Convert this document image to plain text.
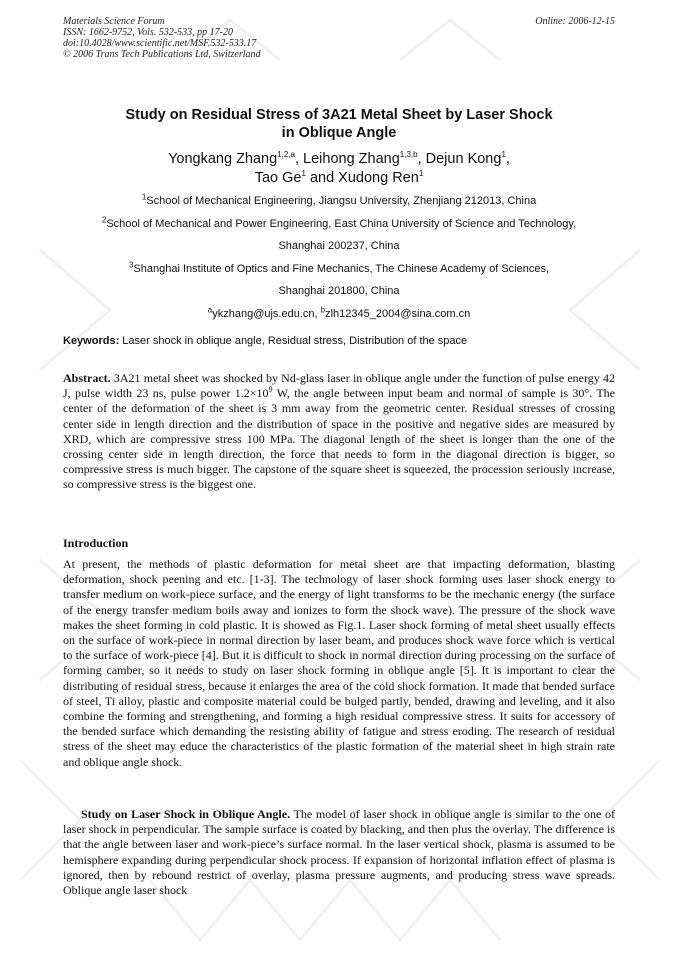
Materials Science Forum
ISSN: 1662-9752, Vols. 532-533, pp 17-20
doi:10.4028/www.scientific.net/MSF.532-533.17
© 2006 Trans Tech Publications Ltd, Switzerland
Online: 2006-12-15
Study on Residual Stress of 3A21 Metal Sheet by Laser Shock
in Oblique Angle
Yongkang Zhang$^{1,2,a}$, Leihong Zhang$^{1,3,b}$, Dejun Kong$^1$,
Tao Ge$^1$ and Xudong Ren$^1$
$^1$School of Mechanical Engineering, Jiangsu University, Zhenjiang 212013, China
$^2$School of Mechanical and Power Engineering, East China University of Science and Technology,
Shanghai 200237, China
$^3$Shanghai Institute of Optics and Fine Mechanics, The Chinese Academy of Sciences,
Shanghai 201800, China
$^a$ykzhang@ujs.edu.cn, $^b$zlh12345_2004@sina.com.cn
Keywords: Laser shock in oblique angle, Residual stress, Distribution of the space
Abstract. 3A21 metal sheet was shocked by Nd-glass laser in oblique angle under the function of pulse energy 42 J, pulse width 23 ns, pulse power $1.2\times 10^9$ W, the angle between input beam and normal of sample is 30°. The center of the deformation of the sheet is 3 mm away from the geometric center. Residual stresses of crossing center side in length direction and the distribution of space in the positive and negative sides are measured by XRD, which are compressive stress 100 MPa. The diagonal length of the sheet is longer than the one of the crossing center side in length direction, the force that needs to form in the diagonal direction is bigger, so compressive stress is much bigger. The capstone of the square sheet is squeezed, the procession seriously increase, so compressive stress is the biggest one.
Introduction
At present, the methods of plastic deformation for metal sheet are that impacting deformation, blasting deformation, shock peening and etc. [1-3]. The technology of laser shock forming uses laser shock energy to transfer medium on work-piece surface, and the energy of light transforms to be the mechanic energy (the surface of the energy transfer medium boils away and ionizes to form the shock wave). The pressure of the shock wave makes the sheet forming in cold plastic. It is showed as Fig.1. Laser shock forming of metal sheet usually effects on the surface of work-piece in normal direction by laser beam, and produces shock wave force which is vertical to the surface of work-piece [4]. But it is difficult to shock in normal direction during processing on the surface of forming camber, so it needs to study on laser shock forming in oblique angle [5]. It is important to clear the distributing of residual stress, because it enlarges the area of the cold shock formation. It made that bended surface of steel, Ti alloy, plastic and composite material could be bulged partly, bended, drawing and leveling, and it also combine the forming and strengthening, and forming a high residual compressive stress. It suits for accessory of the bended surface which demanding the resisting ability of fatigue and stress eroding. The research of residual stress of the sheet may educe the characteristics of the plastic formation of the material sheet in high strain rate and oblique angle shock.
Study on Laser Shock in Oblique Angle. The model of laser shock in oblique angle is similar to the one of laser shock in perpendicular. The sample surface is coated by blacking, and then plus the overlay. The difference is that the angle between laser and work-piece’s surface normal. In the laser vertical shock, plasma is assumed to be hemisphere expanding during perpendicular shock process. If expansion of horizontal inflation effect of plasma is ignored, then by rebound restrict of overlay, plasma pressure augments, and producing stress wave spreads. Oblique angle laser shock
